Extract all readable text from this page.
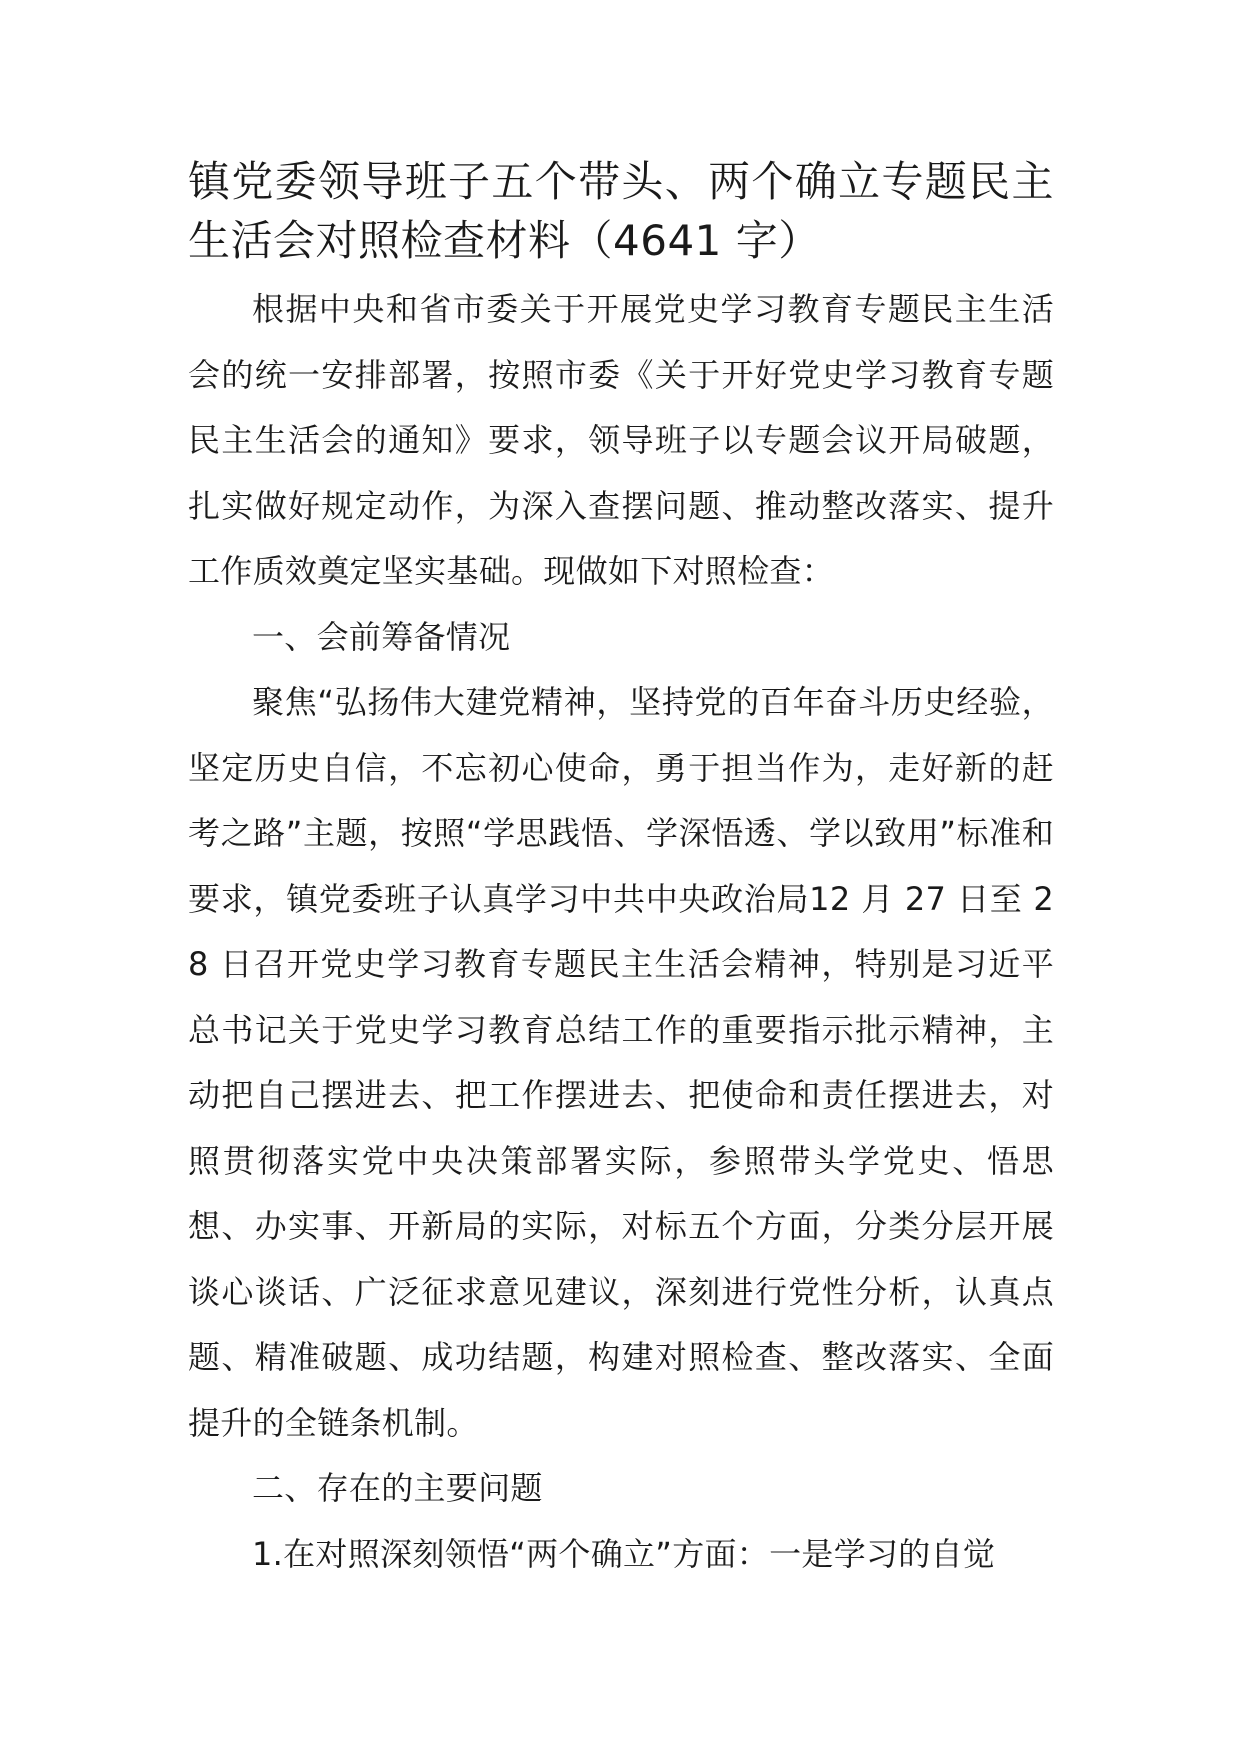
镇党委领导班子五个带头、两个确立专题民主生活会对照检查材料（4641 字）

根据中央和省市委关于开展党史学习教育专题民主生活会的统一安排部署，按照市委《关于开好党史学习教育专题民主生活会的通知》要求，领导班子以专题会议开局破题，扎实做好规定动作，为深入查摆问题、推动整改落实、提升工作质效奠定坚实基础。现做如下对照检查：

一、会前筹备情况

聚焦“弘扬伟大建党精神，坚持党的百年奋斗历史经验，坚定历史自信，不忘初心使命，勇于担当作为，走好新的赶考之路”主题，按照“学思践悟、学深悟透、学以致用”标准和要求，镇党委班子认真学习中共中央政治局12 月 27 日至 28 日召开党史学习教育专题民主生活会精神，特别是习近平总书记关于党史学习教育总结工作的重要指示批示精神，主动把自己摆进去、把工作摆进去、把使命和责任摆进去，对照贯彻落实党中央决策部署实际，参照带头学党史、悟思想、办实事、开新局的实际，对标五个方面，分类分层开展谈心谈话、广泛征求意见建议，深刻进行党性分析，认真点题、精准破题、成功结题，构建对照检查、整改落实、全面提升的全链条机制。

二、存在的主要问题

1.在对照深刻领悟“两个确立”方面：一是学习的自觉
